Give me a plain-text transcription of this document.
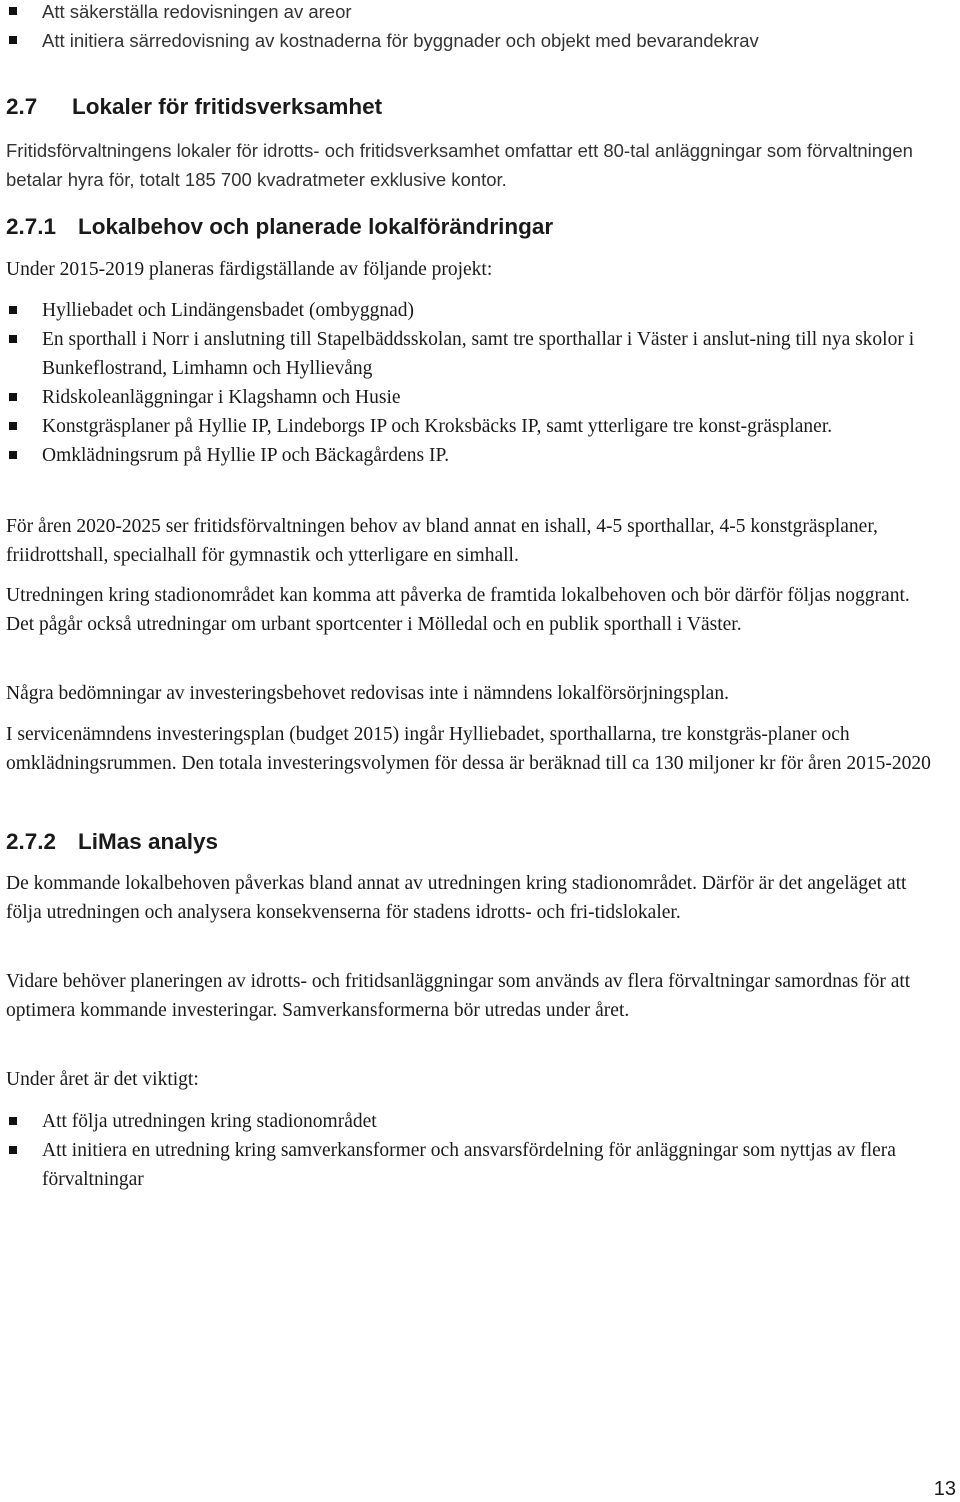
Att säkerställa redovisningen av areor
Att initiera särredovisning av kostnaderna för byggnader och objekt med bevarandekrav
2.7 Lokaler för fritidsverksamhet

Fritidsförvaltningens lokaler för idrotts- och fritidsverksamhet omfattar ett 80-tal anläggningar som förvaltningen betalar hyra för, totalt 185 700 kvadratmeter exklusive kontor.

2.7.1 Lokalbehov och planerade lokalförändringar

Under 2015-2019 planeras färdigställande av följande projekt:

Hylliebadet och Lindängensbadet (ombyggnad)
En sporthall i Norr i anslutning till Stapelbäddsskolan, samt tre sporthallar i Väster i anslut-ning till nya skolor i Bunkeflostrand, Limhamn och Hyllievång
Ridskoleanläggningar i Klagshamn och Husie
Konstgräsplaner på Hyllie IP, Lindeborgs IP och Kroksbäcks IP, samt ytterligare tre konst-gräsplaner.
Omklädningsrum på Hyllie IP och Bäckagårdens IP.

För åren 2020-2025 ser fritidsförvaltningen behov av bland annat en ishall, 4-5 sporthallar, 4-5 konstgräsplaner, friidrottshall, specialhall för gymnastik och ytterligare en simhall.

Utredningen kring stadionområdet kan komma att påverka de framtida lokalbehoven och bör därför följas noggrant. Det pågår också utredningar om urbant sportcenter i Mölledal och en publik sporthall i Väster.

Några bedömningar av investeringsbehovet redovisas inte i nämndens lokalförsörjningsplan.

I servicenämndens investeringsplan (budget 2015) ingår Hylliebadet, sporthallarna, tre konstgräs-planer och omklädningsrummen. Den totala investeringsvolymen för dessa är beräknad till ca 130 miljoner kr för åren 2015-2020

2.7.2 LiMas analys

De kommande lokalbehoven påverkas bland annat av utredningen kring stadionområdet. Därför är det angeläget att följa utredningen och analysera konsekvenserna för stadens idrotts- och fri-tidslokaler.

Vidare behöver planeringen av idrotts- och fritidsanläggningar som används av flera förvaltningar samordnas för att optimera kommande investeringar. Samverkansformerna bör utredas under året.

Under året är det viktigt:

Att följa utredningen kring stadionområdet
Att initiera en utredning kring samverkansformer och ansvarsfördelning för anläggningar som nyttjas av flera förvaltningar
13
